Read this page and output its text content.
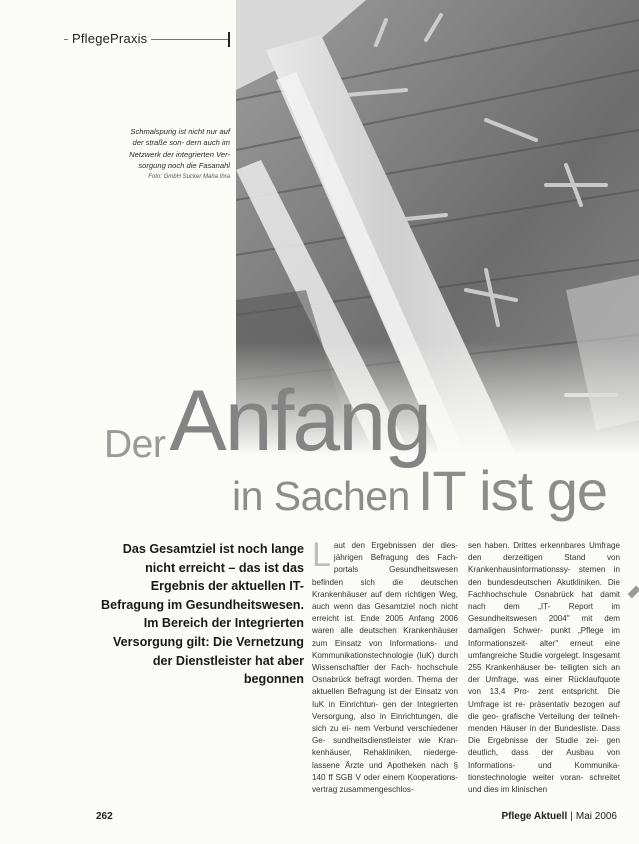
PflegePraxis
Schmalspurig ist nicht nur auf der straße son- dern auch im Netzwerk der integrierten Ver- sorgung noch die Fasanahl
Foto: GmbH Sucker Maha Ihra
DerAnfang
in Sachen IT ist ge
Das Gesamtziel ist noch lange nicht erreicht – das ist das Ergebnis der aktuellen IT-Befragung im Gesundheitswesen. Im Bereich der Integrierten Versorgung gilt: Die Vernetzung der Dienstleister hat aber begonnen
L aut den Ergebnissen der dies- jährigen Befragung des Fach- portals Gesundheitswesen befinden sich die deutschen Krankenhäuser auf dem richtigen Weg, auch wenn das Gesamtziel noch nicht erreicht ist. Ende 2005 Anfang 2006 waren alle deutschen Krankenhäuser zum Einsatz von Informations- und Kommunikationstechnologie (IuK) durch Wissenschaftler der Fach- hochschule Osnabrück befragt worden. Thema der aktuellen Befragung ist der Einsatz von IuK in Einrichtun- gen der Integrierten Versorgung, also in Einrichtungen, die sich zu ei- nem Verbund verschiedener Ge- sundheitsdienstleister wie Kran- kenhäuser, Rehakliniken, niederge- lassene Ärzte und Apotheken nach § 140 ff SGB V oder einem Kooperations- vertrag zusammengeschlos-

sen haben. Drittes erkennbares Umfrage den derzeitigen Stand von Krankenhausinformationssy- stemen in den bundesdeutschen Akutkliniken. Die Fachhochschule Osnabrück hat damit nach dem „IT- Report im Gesundheitswesen 2004" mit dem damaligen Schwer- punkt „Pflege im Informationszeit- alter" erneut eine umfangreiche Studie vorgelegt. Insgesamt 255 Krankenhäuser be- teiligten sich an der Umfrage, was einer Rücklaufquote von 13,4 Pro- zent entspricht. Die Umfrage ist re- präsentativ bezogen auf die geo- grafische Verteilung der teilneh- menden Häuser in der Bundesliste. Dass Die Ergebnisse der Studie zei- gen deutlich, dass der Ausbau von Informations- und Kommunika- tionstechnologie weiter voran- schreitet und dies im klinischen

262	Pflege Aktuell | Mai 2006
